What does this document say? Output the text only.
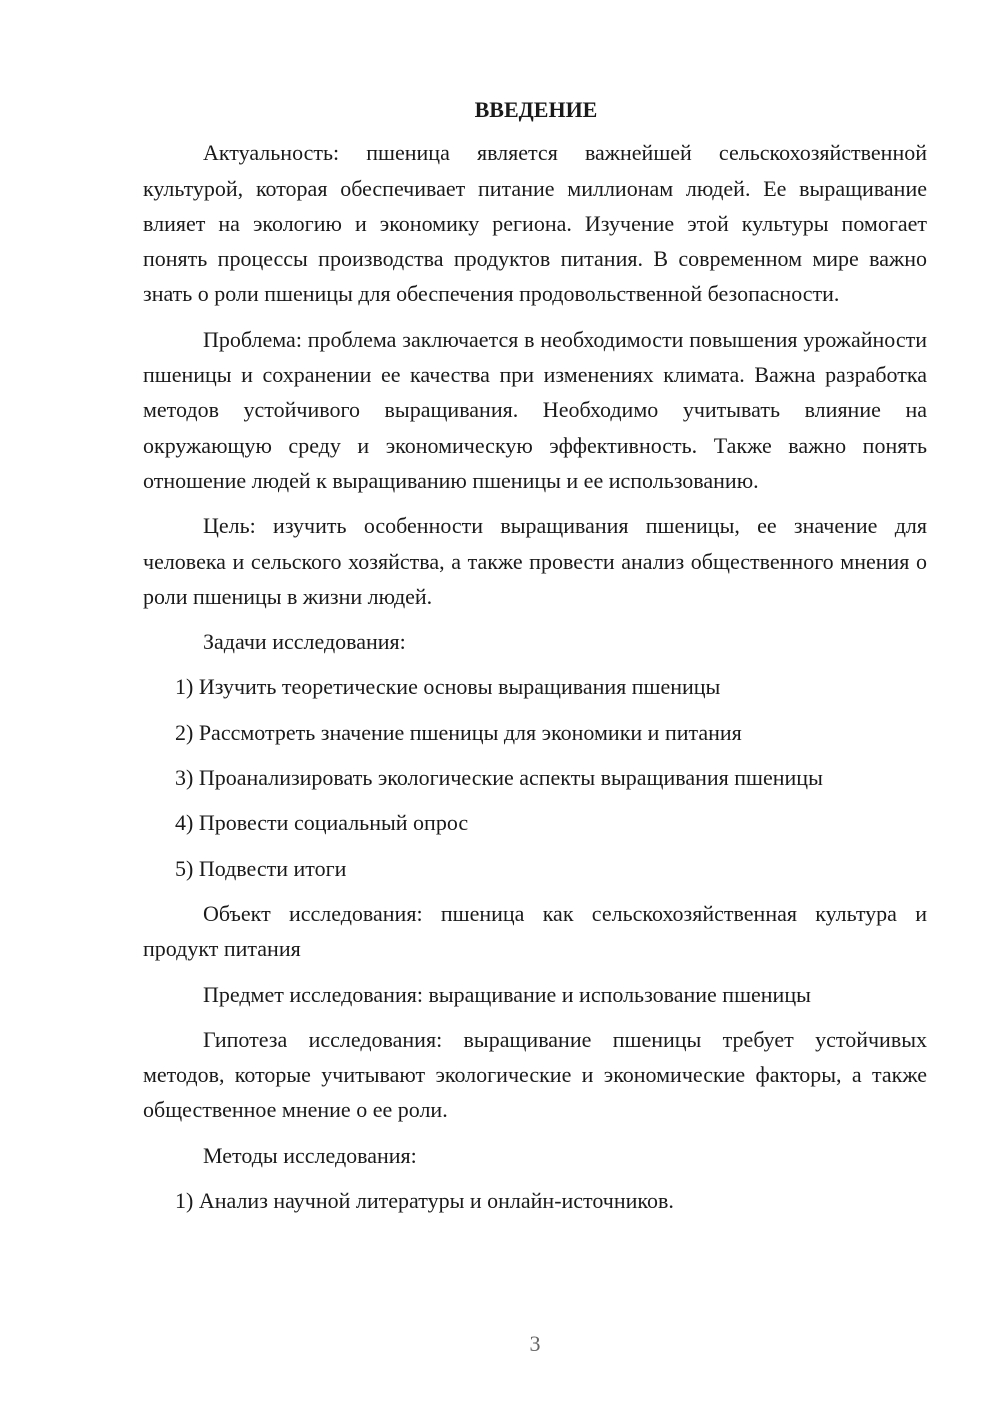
ВВЕДЕНИЕ

Актуальность: пшеница является важнейшей сельскохозяйственной культурой, которая обеспечивает питание миллионам людей. Ее выращивание влияет на экологию и экономику региона. Изучение этой культуры помогает понять процессы производства продуктов питания. В современном мире важно знать о роли пшеницы для обеспечения продовольственной безопасности.

Проблема: проблема заключается в необходимости повышения урожайности пшеницы и сохранении ее качества при изменениях климата. Важна разработка методов устойчивого выращивания. Необходимо учитывать влияние на окружающую среду и экономическую эффективность. Также важно понять отношение людей к выращиванию пшеницы и ее использованию.

Цель: изучить особенности выращивания пшеницы, ее значение для человека и сельского хозяйства, а также провести анализ общественного мнения о роли пшеницы в жизни людей.

Задачи исследования:

1) Изучить теоретические основы выращивания пшеницы
2) Рассмотреть значение пшеницы для экономики и питания
3) Проанализировать экологические аспекты выращивания пшеницы
4) Провести социальный опрос
5) Подвести итоги

Объект исследования: пшеница как сельскохозяйственная культура и продукт питания

Предмет исследования: выращивание и использование пшеницы

Гипотеза исследования: выращивание пшеницы требует устойчивых методов, которые учитывают экологические и экономические факторы, а также общественное мнение о ее роли.

Методы исследования:

1) Анализ научной литературы и онлайн-источников.
3
